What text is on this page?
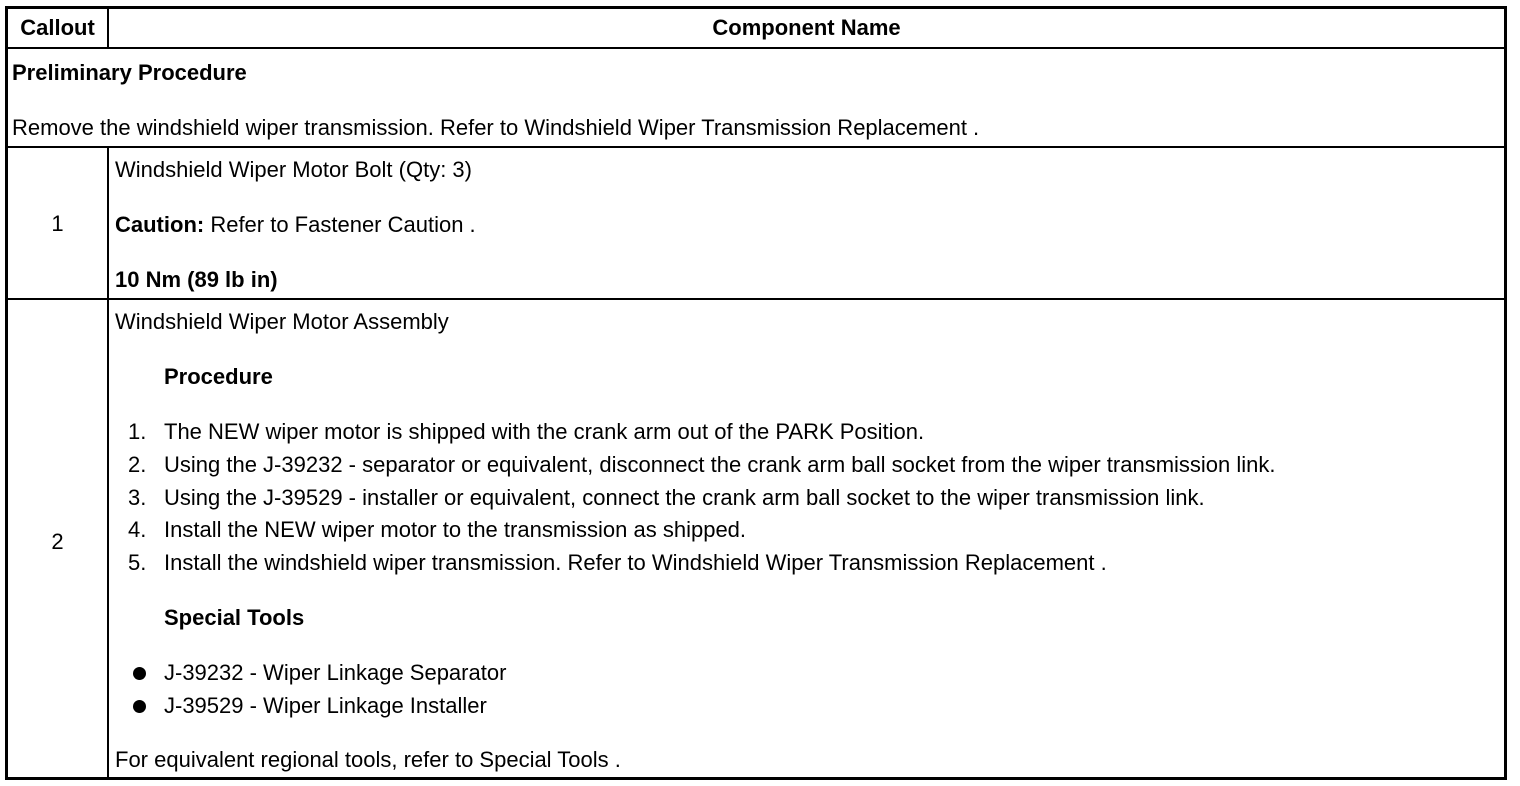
Callout	Component Name
Preliminary Procedure
Remove the windshield wiper transmission. Refer to Windshield Wiper Transmission Replacement .
1
Windshield Wiper Motor Bolt (Qty: 3)
Caution: Refer to Fastener Caution .
10 Nm (89 lb in)
2
Windshield Wiper Motor Assembly
Procedure
1. The NEW wiper motor is shipped with the crank arm out of the PARK Position.
2. Using the J-39232 - separator or equivalent, disconnect the crank arm ball socket from the wiper transmission link.
3. Using the J-39529 - installer or equivalent, connect the crank arm ball socket to the wiper transmission link.
4. Install the NEW wiper motor to the transmission as shipped.
5. Install the windshield wiper transmission. Refer to Windshield Wiper Transmission Replacement .
Special Tools
J-39232 - Wiper Linkage Separator
J-39529 - Wiper Linkage Installer
For equivalent regional tools, refer to Special Tools .
